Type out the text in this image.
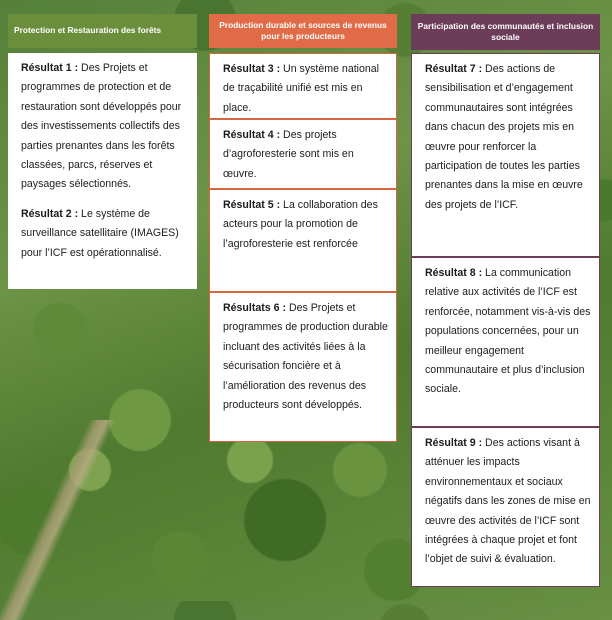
Protection et Restauration des forêts
Production durable et sources de revenus pour les producteurs
Participation des communautés et inclusion sociale

Résultat 1 : Des Projets et programmes de protection et de restauration sont développés pour des investissements collectifs des parties prenantes dans les forêts classées, parcs, réserves et paysages sélectionnés.

Résultat 2 : Le système de surveillance satellitaire (IMAGES) pour l’ICF est opérationnalisé.

Résultat 3 : Un système national de traçabilité unifié est mis en place.

Résultat 4 : Des projets d’agroforesterie sont mis en œuvre.

Résultat 5 : La collaboration des acteurs pour la promotion de l’agroforesterie est renforcée

Résultats 6 : Des Projets et programmes de production durable incluant des activités liées à la sécurisation foncière et à l’amélioration des revenus des producteurs sont développés.

Résultat 7 : Des actions de sensibilisation et d’engagement communautaires sont intégrées dans chacun des projets mis en œuvre pour renforcer la participation de toutes les parties prenantes dans la mise en œuvre des projets de l’ICF.

Résultat 8 : La communication relative aux activités de l’ICF est renforcée, notamment vis-à-vis des populations concernées, pour un meilleur engagement communautaire et plus d’inclusion sociale.

Résultat 9 : Des actions visant à atténuer les impacts environnementaux et sociaux négatifs dans les zones de mise en œuvre des activités de l’ICF sont intégrées à chaque projet et font l’objet de suivi & évaluation.
